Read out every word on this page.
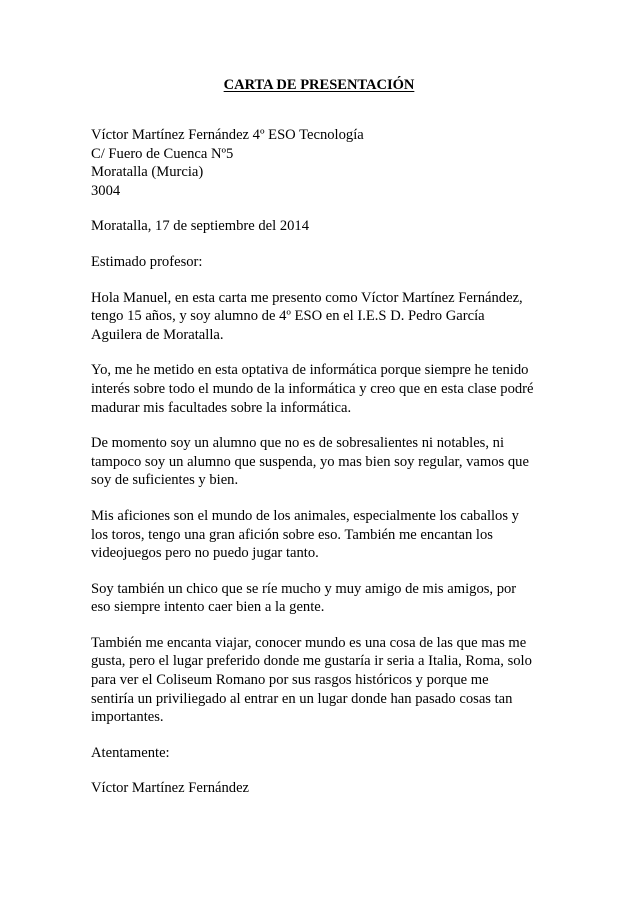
CARTA DE PRESENTACIÓN
Víctor Martínez Fernández 4º ESO Tecnología
C/ Fuero de Cuenca Nº5
Moratalla (Murcia)
3004
Moratalla, 17 de septiembre del 2014
Estimado profesor:
Hola Manuel, en esta carta me presento como Víctor Martínez Fernández,
tengo 15 años, y soy alumno de 4º ESO en el I.E.S D. Pedro García
Aguilera de Moratalla.
Yo, me he metido en esta optativa de informática porque siempre he tenido
interés sobre todo el mundo de la informática y creo que en esta clase podré
madurar mis facultades sobre la informática.
De momento soy un alumno que no es de sobresalientes ni notables, ni
tampoco soy un alumno que suspenda, yo mas bien soy regular, vamos que
soy de suficientes y bien.
Mis aficiones son el mundo de los animales, especialmente los caballos y
los toros, tengo una gran afición sobre eso. También me encantan los
videojuegos pero no puedo jugar tanto.
Soy también un chico que se ríe mucho y muy amigo de mis amigos, por
eso siempre intento caer bien a la gente.
También me encanta viajar, conocer mundo es una cosa de las que mas me
gusta, pero el lugar preferido donde me gustaría ir seria a Italia, Roma, solo
para ver el Coliseum Romano por sus rasgos históricos y porque me
sentiría un priviliegado al entrar en un lugar donde han pasado cosas tan
importantes.
Atentamente:
Víctor Martínez Fernández
